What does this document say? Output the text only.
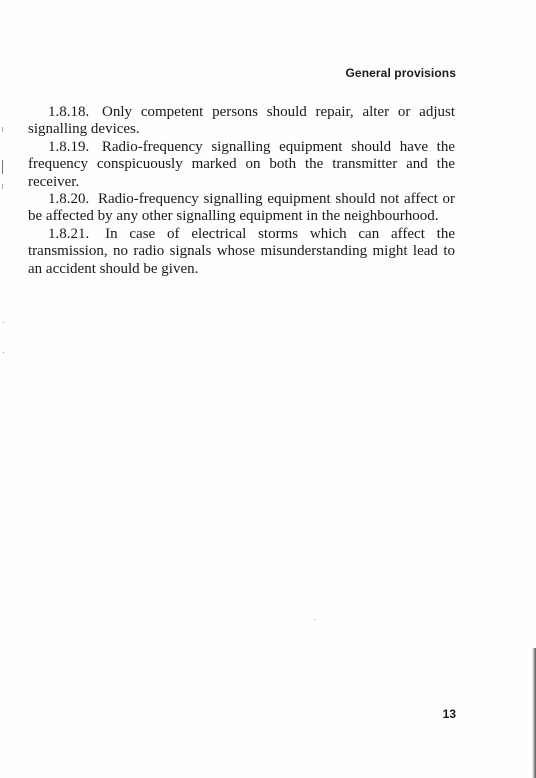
General provisions

1.8.18. Only competent persons should repair, alter or adjust signalling devices.

1.8.19. Radio-frequency signalling equipment should have the frequency conspicuously marked on both the transmitter and the receiver.

1.8.20. Radio-frequency signalling equipment should not affect or be affected by any other signalling equipment in the neighbourhood.

1.8.21. In case of electrical storms which can affect the transmission, no radio signals whose misunderstanding might lead to an accident should be given.

13
